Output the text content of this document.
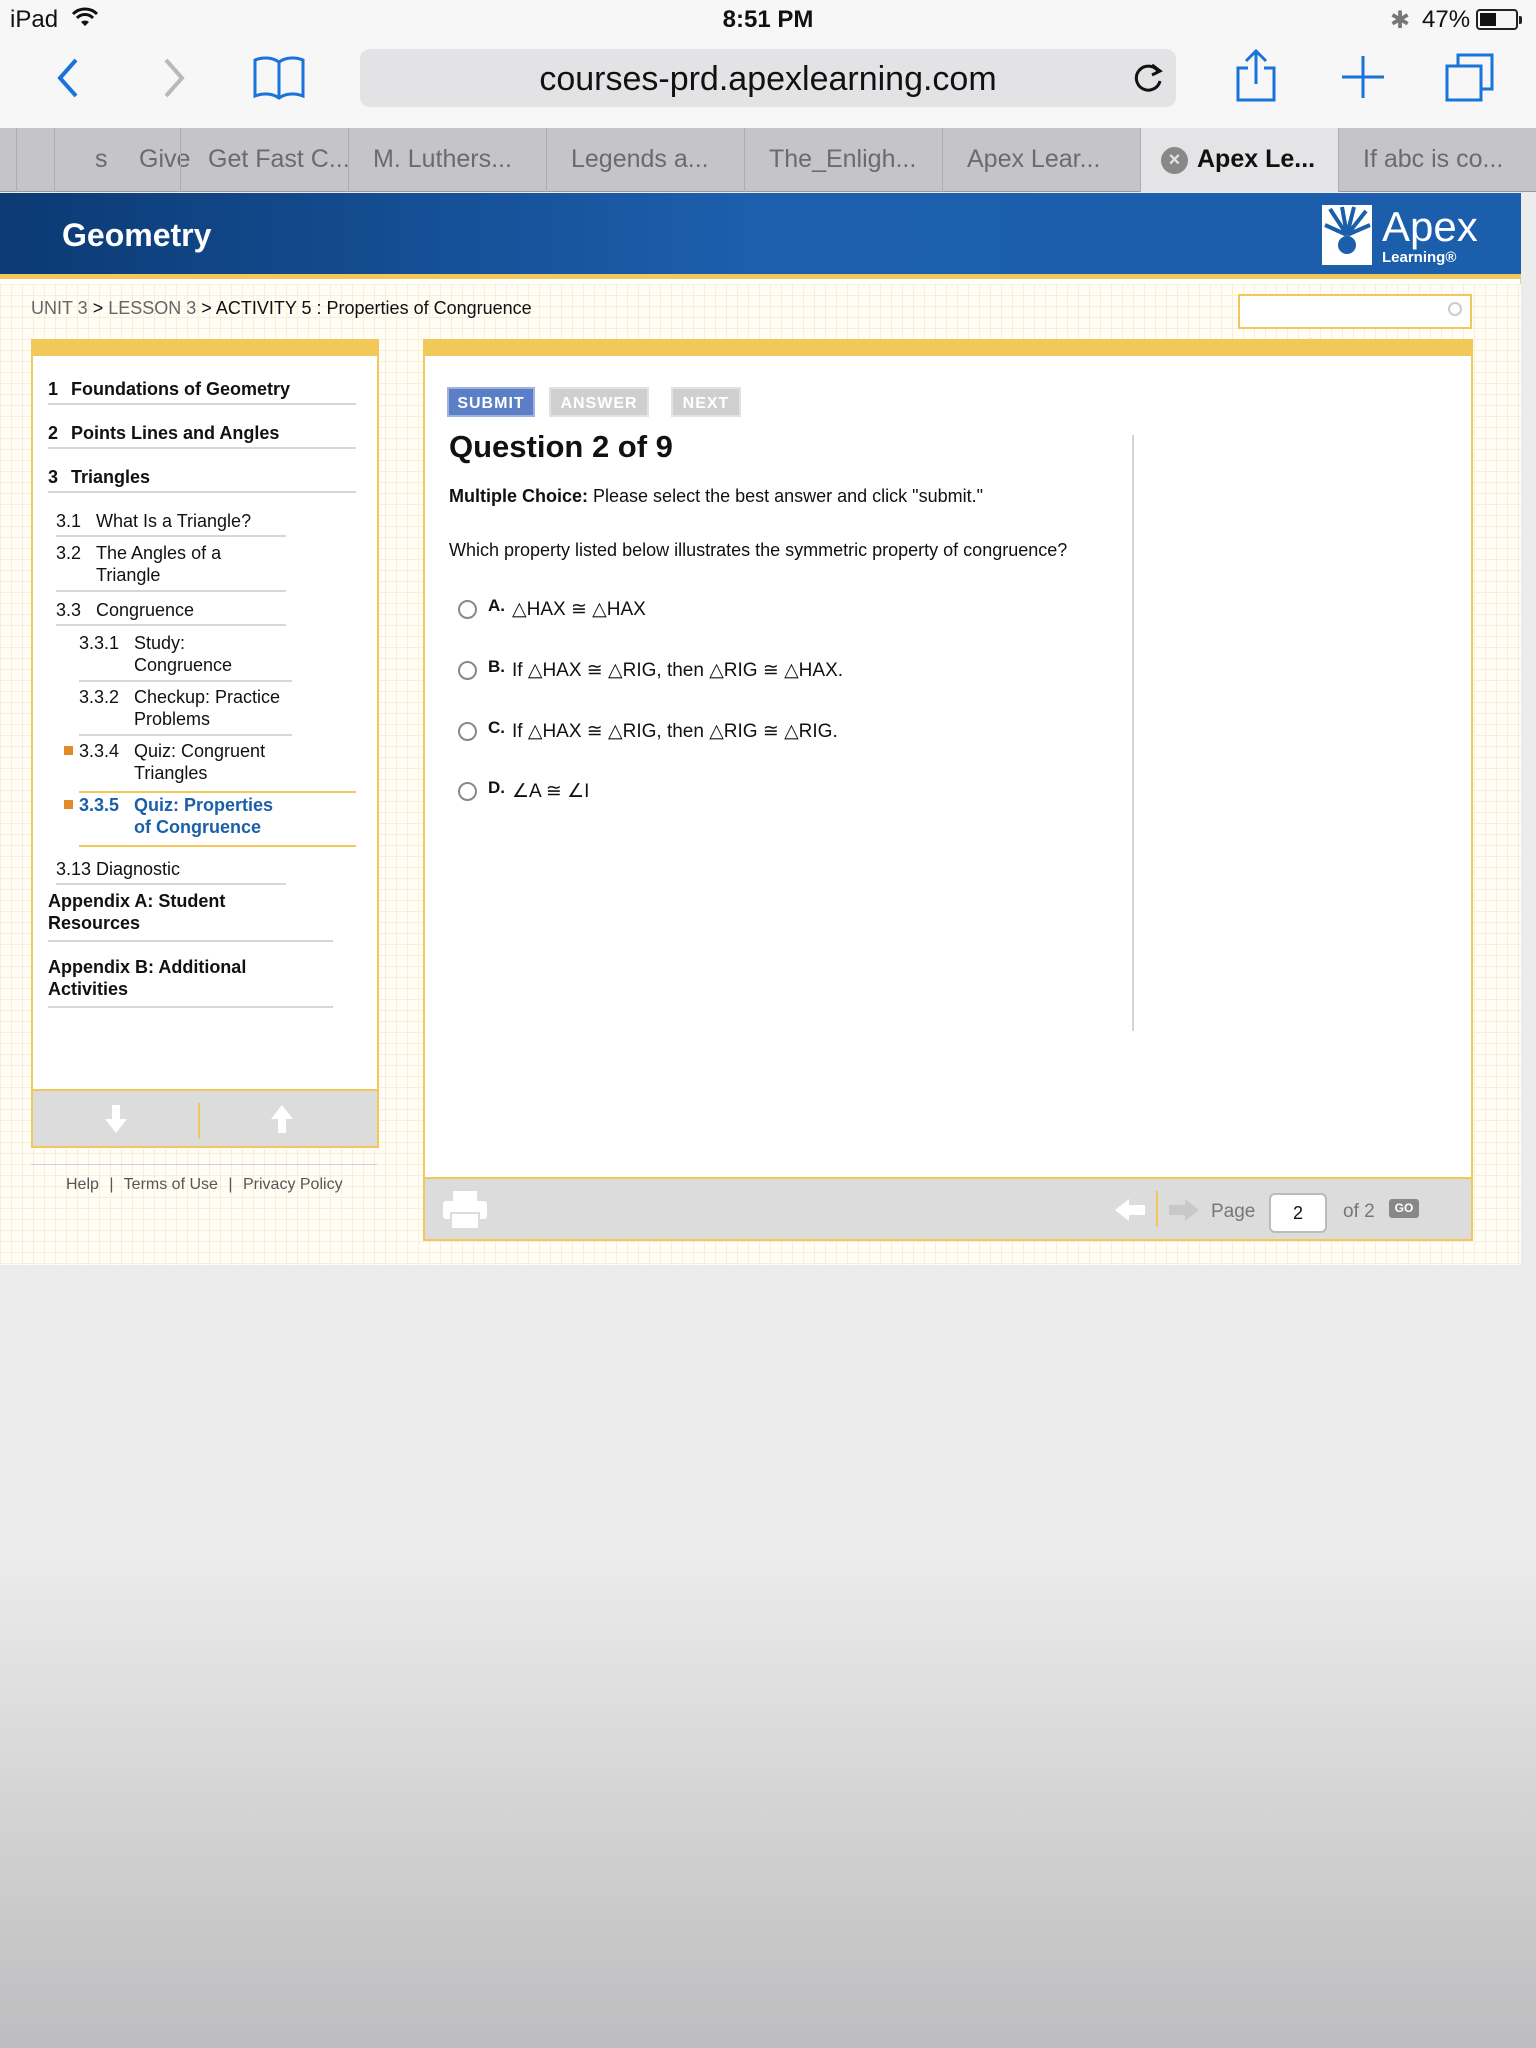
iPad	8:51 PM	✱ 47%
courses-prd.apexlearning.com
s	Give Get Fast C... M. Luthers...	Legends a...	The_Enligh...	Apex Lear...	× Apex Le...	If abc is co...
Geometry	Apex
Learning®
UNIT 3 > LESSON 3 > ACTIVITY 5 : Properties of Congruence
1 Foundations of Geometry
2 Points Lines and Angles
3 Triangles
3.1 What Is a Triangle?
3.2 The Angles of a Triangle
3.3 Congruence
3.3.1 Study: Congruence
3.3.2 Checkup: Practice Problems
3.3.4 Quiz: Congruent Triangles
3.3.5 Quiz: Properties of Congruence
3.13 Diagnostic
Appendix A: Student Resources
Appendix B: Additional Activities
Help | Terms of Use | Privacy Policy
SUBMIT	ANSWER	NEXT
Question 2 of 9
Multiple Choice: Please select the best answer and click "submit."
Which property listed below illustrates the symmetric property of congruence?
A. △HAX ≅ △HAX
B. If △HAX ≅ △RIG, then △RIG ≅ △HAX.
C. If △HAX ≅ △RIG, then △RIG ≅ △RIG.
D. ∠A ≅ ∠I
Page	2	of 2	GO
